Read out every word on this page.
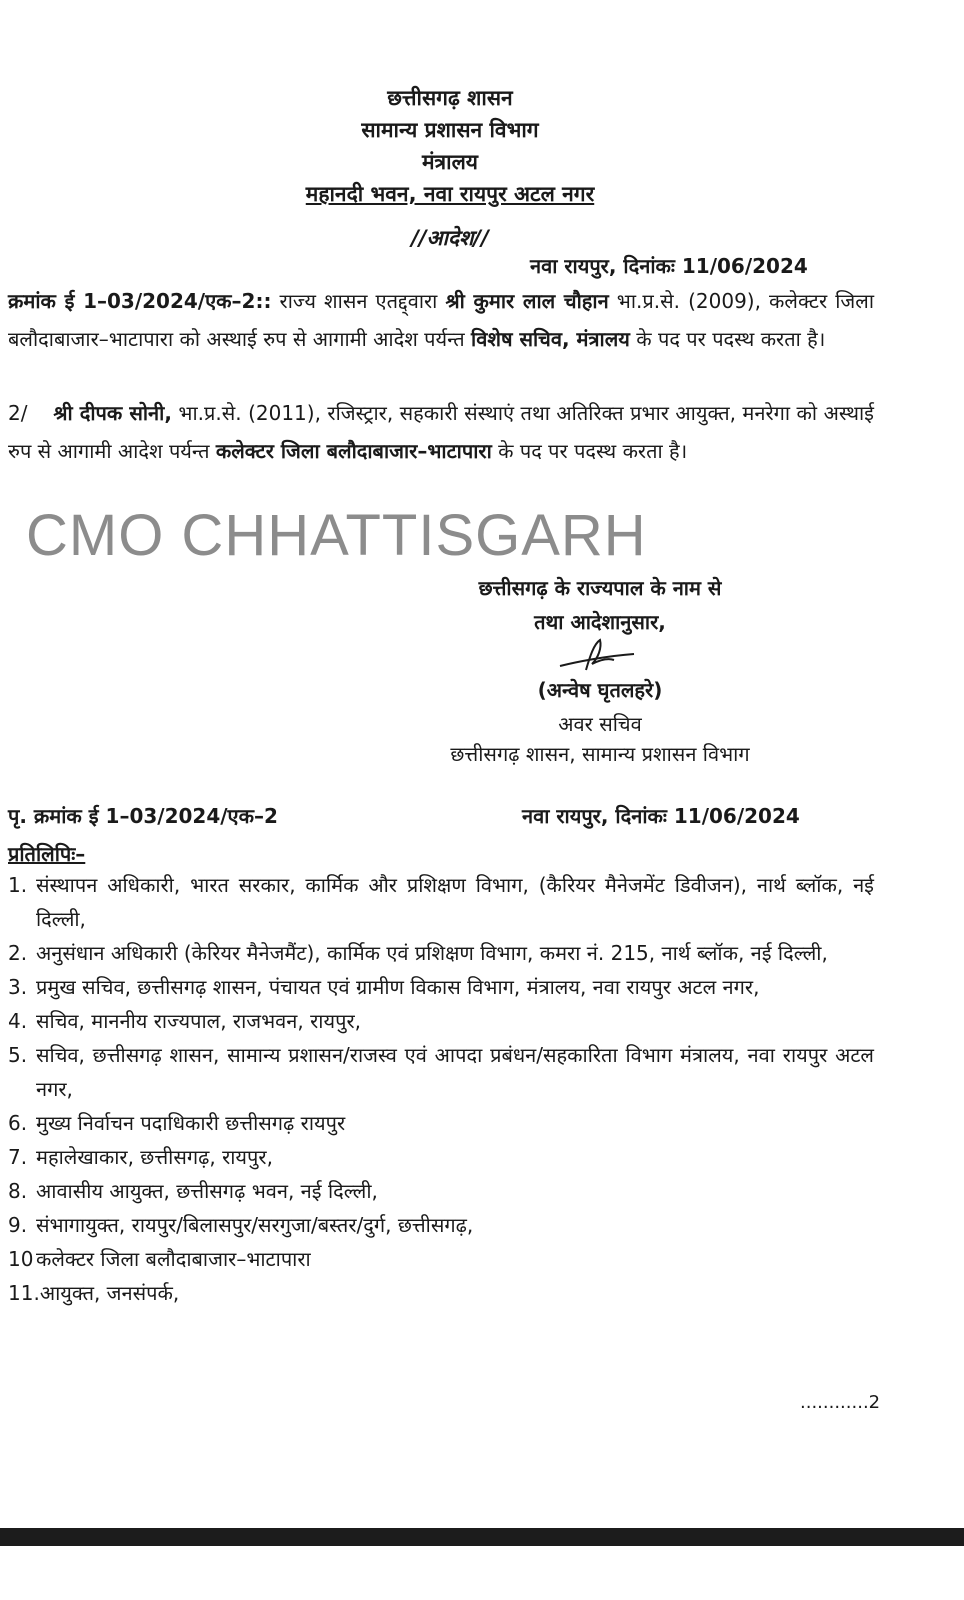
छत्तीसगढ़ शासन
सामान्य प्रशासन विभाग
मंत्रालय
महानदी भवन, नवा रायपुर अटल नगर
//आदेश//
नवा रायपुर, दिनांकः 11/06/2024
क्रमांक ई 1–03/2024/एक–2:: राज्य शासन एतद्द्वारा श्री कुमार लाल चौहान भा.प्र.से. (2009), कलेक्टर जिला बलौदाबाजार–भाटापारा को अस्थाई रुप से आगामी आदेश पर्यन्त विशेष सचिव, मंत्रालय के पद पर पदस्थ करता है।
2/ श्री दीपक सोनी, भा.प्र.से. (2011), रजिस्ट्रार, सहकारी संस्थाएं तथा अतिरिक्त प्रभार आयुक्त, मनरेगा को अस्थाई रुप से आगामी आदेश पर्यन्त कलेक्टर जिला बलौदाबाजार–भाटापारा के पद पर पदस्थ करता है।
CMO CHHATTISGARH
छत्तीसगढ़ के राज्यपाल के नाम से
तथा आदेशानुसार,
(अन्वेष घृतलहरे)
अवर सचिव
छत्तीसगढ़ शासन, सामान्य प्रशासन विभाग
पृ. क्रमांक ई 1–03/2024/एक–2	नवा रायपुर, दिनांकः 11/06/2024
प्रतिलिपिः–
1. संस्थापन अधिकारी, भारत सरकार, कार्मिक और प्रशिक्षण विभाग, (कैरियर मैनेजमेंट डिवीजन), नार्थ ब्लॉक, नई दिल्ली,
2. अनुसंधान अधिकारी (केरियर मैनेजमैंट), कार्मिक एवं प्रशिक्षण विभाग, कमरा नं. 215, नार्थ ब्लॉक, नई दिल्ली,
3. प्रमुख सचिव, छत्तीसगढ़ शासन, पंचायत एवं ग्रामीण विकास विभाग, मंत्रालय, नवा रायपुर अटल नगर,
4. सचिव, माननीय राज्यपाल, राजभवन, रायपुर,
5. सचिव, छत्तीसगढ़ शासन, सामान्य प्रशासन/राजस्व एवं आपदा प्रबंधन/सहकारिता विभाग मंत्रालय, नवा रायपुर अटल नगर,
6. मुख्य निर्वाचन पदाधिकारी छत्तीसगढ़ रायपुर
7. महालेखाकार, छत्तीसगढ़, रायपुर,
8. आवासीय आयुक्त, छत्तीसगढ़ भवन, नई दिल्ली,
9. संभागायुक्त, रायपुर/बिलासपुर/सरगुजा/बस्तर/दुर्ग, छत्तीसगढ़,
10 कलेक्टर जिला बलौदाबाजार–भाटापारा
11. आयुक्त, जनसंपर्क,
............2
